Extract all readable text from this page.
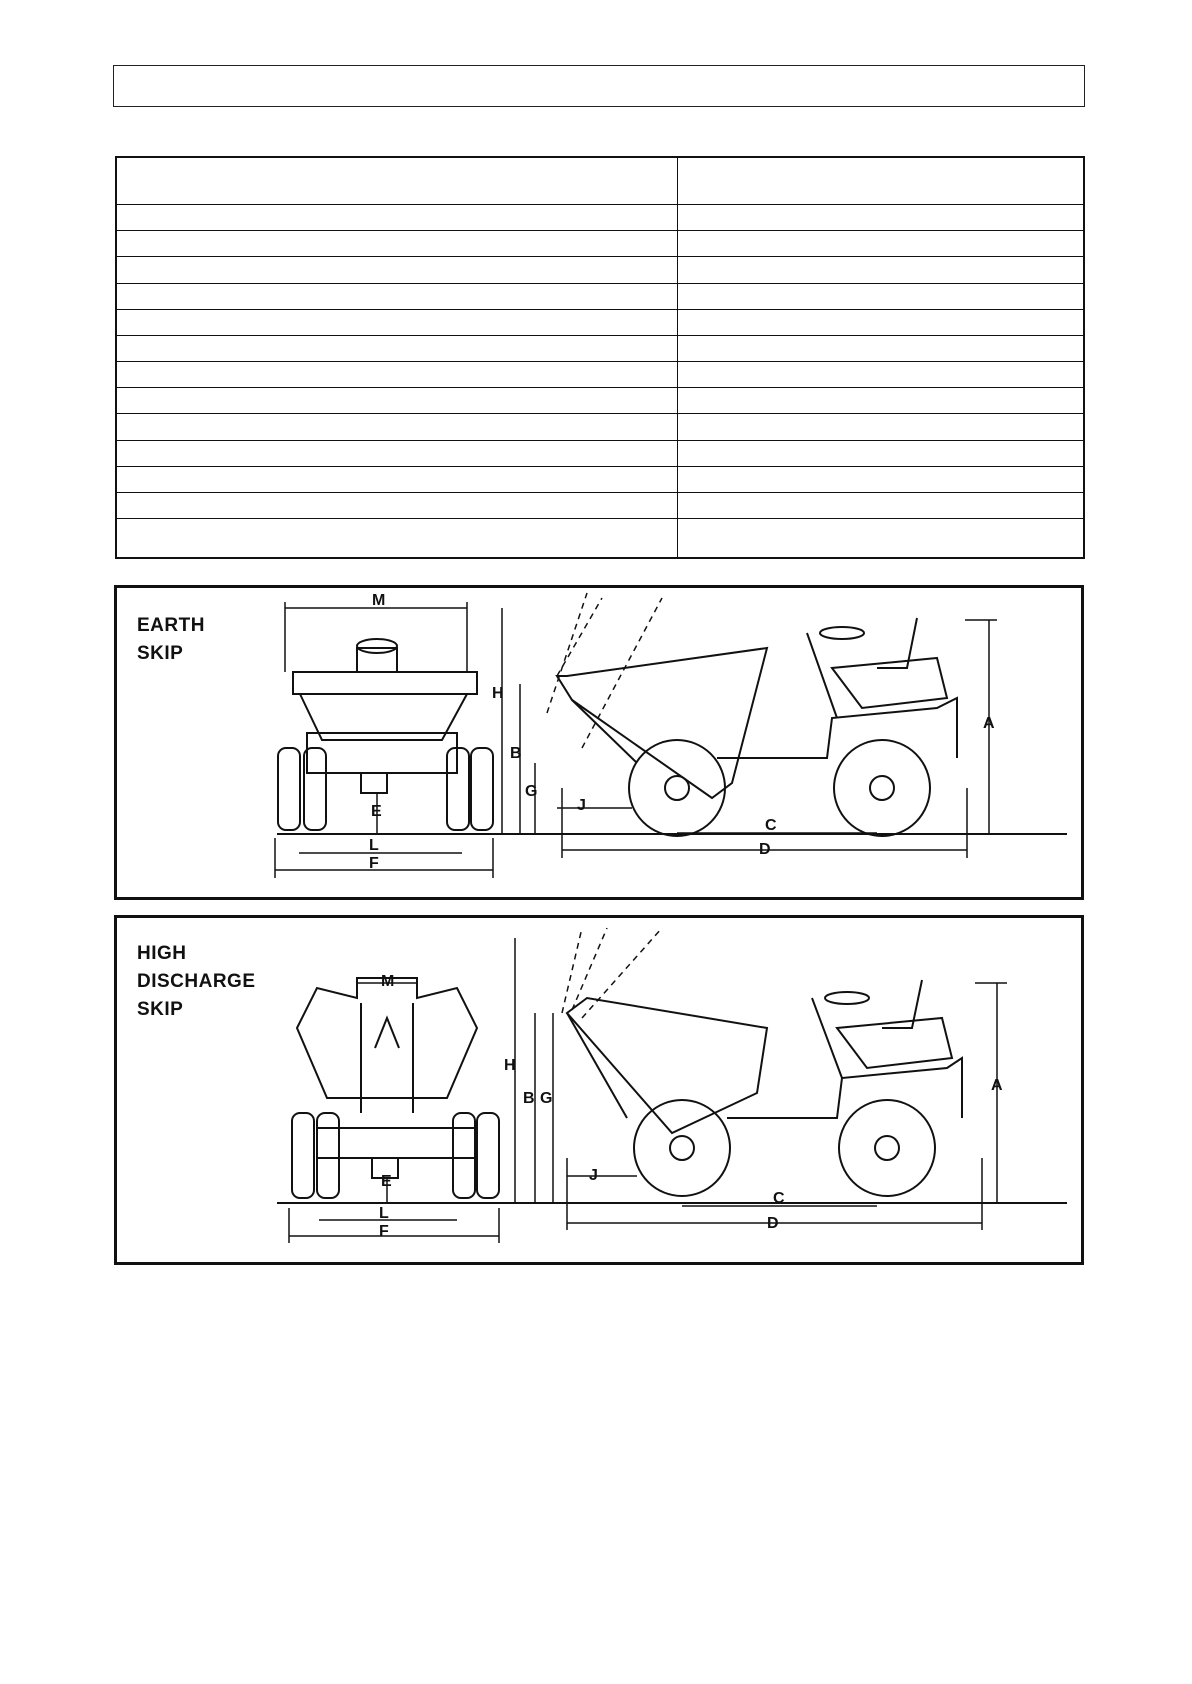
EARTH
SKIP
M
H
B
G
E
L
F
J
C
D
A
HIGH
DISCHARGE
SKIP
M
H
B G
E
L
F
J
C
D
A
